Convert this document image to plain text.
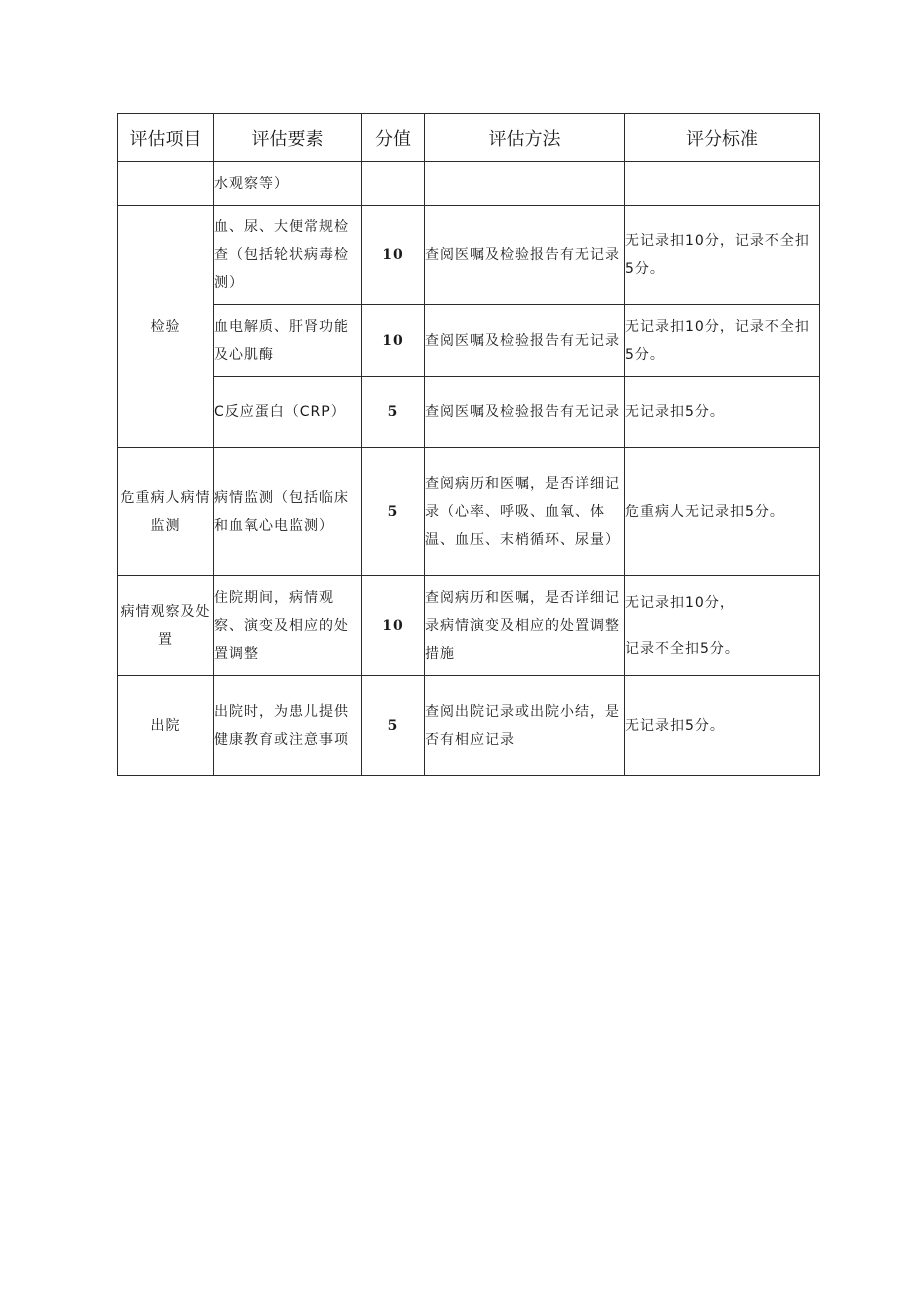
评估项目	评估要素	分值	评估方法	评分标准
	水观察等）			
检验	血、尿、大便常规检查（包括轮状病毒检测）	10	查阅医嘱及检验报告有无记录	无记录扣10分，记录不全扣5分。
	血电解质、肝肾功能及心肌酶	10	查阅医嘱及检验报告有无记录	无记录扣10分，记录不全扣5分。
	C反应蛋白（CRP）	5	查阅医嘱及检验报告有无记录	无记录扣5分。
危重病人病情监测	病情监测（包括临床和血氧心电监测）	5	查阅病历和医嘱，是否详细记录（心率、呼吸、血氧、体温、血压、末梢循环、尿量）	危重病人无记录扣5分。
病情观察及处置	住院期间，病情观察、演变及相应的处置调整	10	查阅病历和医嘱，是否详细记录病情演变及相应的处置调整措施	无记录扣10分，
记录不全扣5分。

出院	出院时，为患儿提供健康教育或注意事项	5	查阅出院记录或出院小结，是否有相应记录	无记录扣5分。
